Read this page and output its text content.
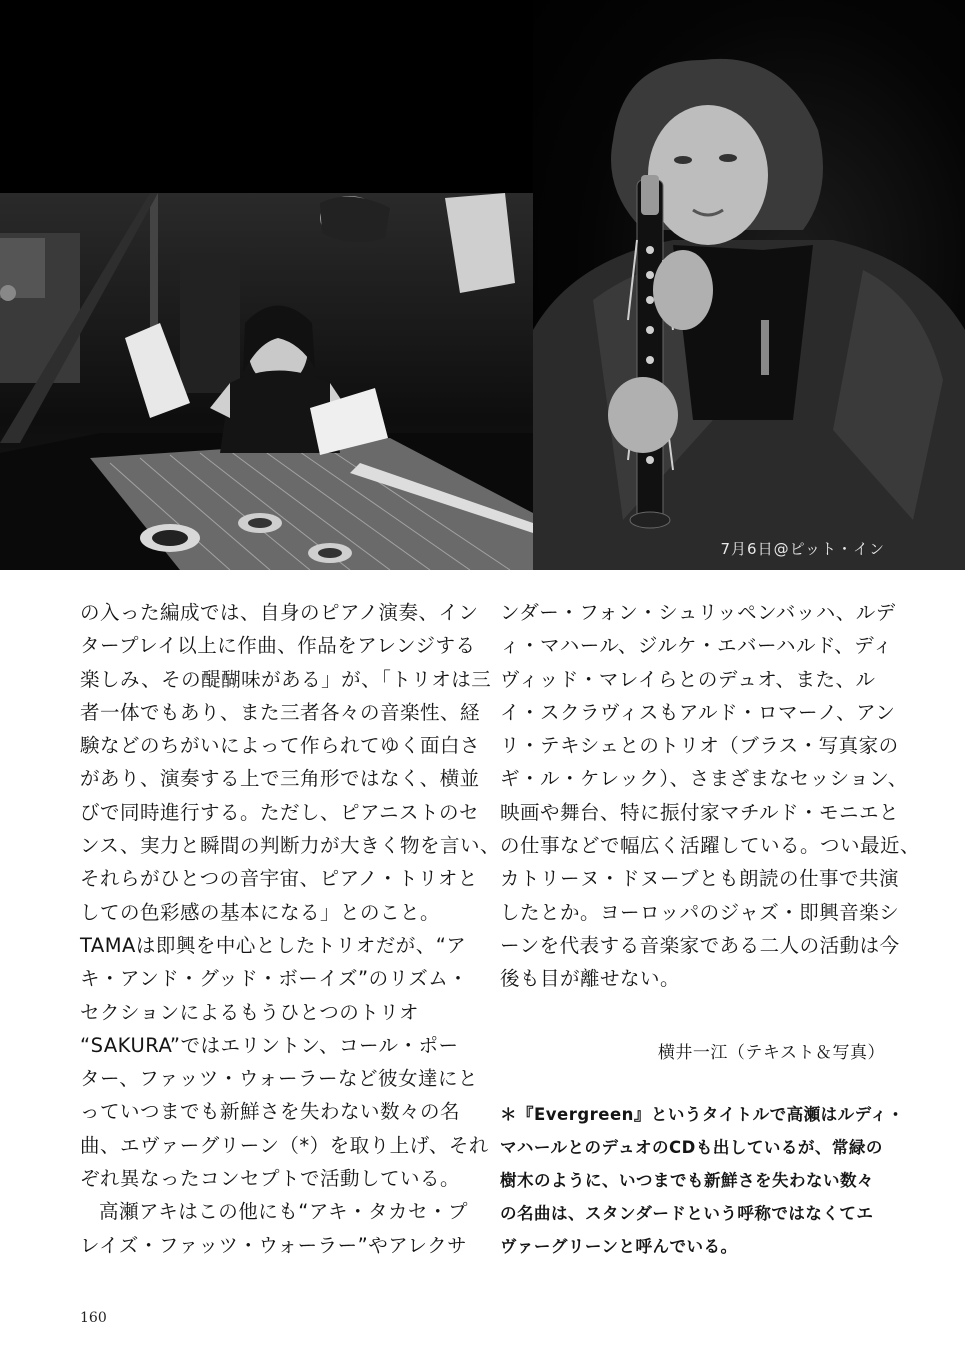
7月6日@ピット・イン

の入った編成では、自身のピアノ演奏、イン
タープレイ以上に作曲、作品をアレンジする
楽しみ、その醍醐味がある」が、「トリオは三
者一体でもあり、また三者各々の音楽性、経
験などのちがいによって作られてゆく面白さ
があり、演奏する上で三角形ではなく、横並
びで同時進行する。ただし、ピアニストのセ
ンス、実力と瞬間の判断力が大きく物を言い、
それらがひとつの音宇宙、ピアノ・トリオと
しての色彩感の基本になる」とのこと。
TAMAは即興を中心としたトリオだが、“ア
キ・アンド・グッド・ボーイズ”のリズム・
セクションによるもうひとつのトリオ
“SAKURA”ではエリントン、コール・ポー
ター、ファッツ・ウォーラーなど彼女達にと
っていつまでも新鮮さを失わない数々の名
曲、エヴァーグリーン（*）を取り上げ、それ
ぞれ異なったコンセプトで活動している。

高瀬アキはこの他にも“アキ・タカセ・プ
レイズ・ファッツ・ウォーラー”やアレクサ

ンダー・フォン・シュリッペンバッハ、ルデ
ィ・マハール、ジルケ・エバーハルド、ディ
ヴィッド・マレイらとのデュオ、また、ル
イ・スクラヴィスもアルド・ロマーノ、アン
リ・テキシェとのトリオ（ブラス・写真家の
ギ・ル・ケレック）、さまざまなセッション、
映画や舞台、特に振付家マチルド・モニエと
の仕事などで幅広く活躍している。つい最近、
カトリーヌ・ドヌーブとも朗読の仕事で共演
したとか。ヨーロッパのジャズ・即興音楽シ
ーンを代表する音楽家である二人の活動は今
後も目が離せない。

横井一江（テキスト＆写真）
＊『Evergreen』というタイトルで高瀬はルディ・
マハールとのデュオのCDも出しているが、常緑の
樹木のように、いつまでも新鮮さを失わない数々
の名曲は、スタンダードという呼称ではなくてエ
ヴァーグリーンと呼んでいる。
160
